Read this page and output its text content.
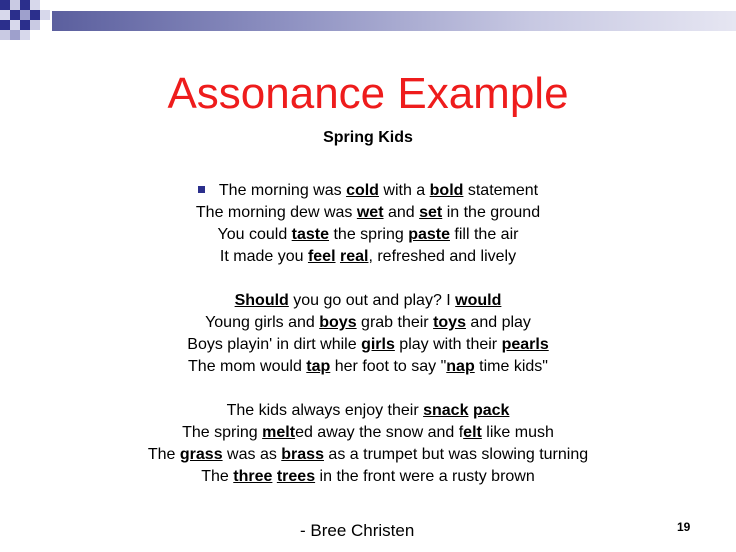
Assonance Example
Spring Kids
The morning was cold with a bold statement
The morning dew was wet and set in the ground
You could taste the spring paste fill the air
It made you feel real, refreshed and lively
Should you go out and play? I would
Young girls and boys grab their toys and play
Boys playin' in dirt while girls play with their pearls
The mom would tap her foot to say "nap time kids"
The kids always enjoy their snack pack
The spring melted away the snow and felt like mush
The grass was as brass as a trumpet but was slowing turning
The three trees in the front were a rusty brown
- Bree Christen	19
